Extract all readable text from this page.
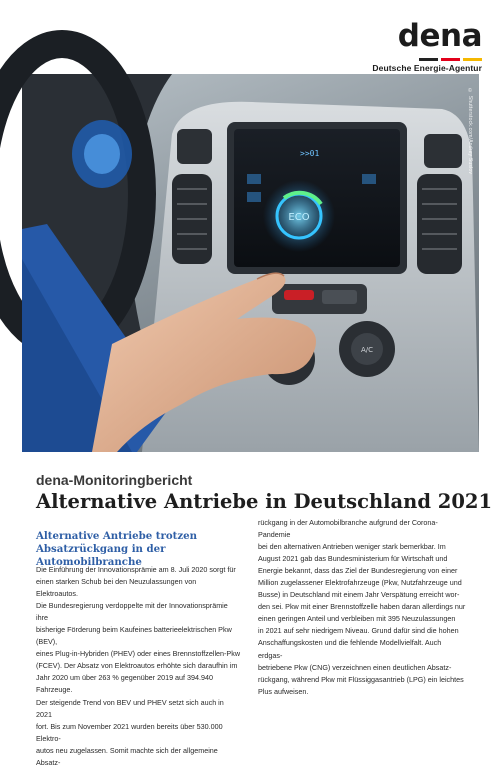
dena
Deutsche Energie-Agentur
ECO
>>01
A/C
© Shutterstock.com/Andrey Suslov
dena-Monitoringbericht
Alternative Antriebe in Deutschland 2021
Alternative Antriebe trotzen Absatzrückgang in der Automobilbranche

Die Einführung der Innovationsprämie am 8. Juli 2020 sorgt für
einen starken Schub bei den Neuzulassungen von Elektroautos.
Die Bundesregierung verdoppelte mit der Innovationsprämie ihre
bisherige Förderung beim Kaufeines batterieelektrischen Pkw (BEV),
eines Plug-in-Hybriden (PHEV) oder eines Brennstoffzellen-Pkw
(FCEV). Der Absatz von Elektroautos erhöhte sich daraufhin im
Jahr 2020 um über 263 % gegenüber 2019 auf 394.940 Fahrzeuge.
Der steigende Trend von BEV und PHEV setzt sich auch in 2021
fort. Bis zum November 2021 wurden bereits über 530.000 Elektro-
autos neu zugelassen. Somit machte sich der allgemeine Absatz-

rückgang in der Automobilbranche aufgrund der Corona-Pandemie
bei den alternativen Antrieben weniger stark bemerkbar. Im
August 2021 gab das Bundesministerium für Wirtschaft und
Energie bekannt, dass das Ziel der Bundesregierung von einer
Million zugelassener Elektrofahrzeuge (Pkw, Nutzfahrzeuge und
Busse) in Deutschland mit einem Jahr Verspätung erreicht wor-
den sei. Pkw mit einer Brennstoffzelle haben daran allerdings nur
einen geringen Anteil und verbleiben mit 395 Neuzulassungen
in 2021 auf sehr niedrigem Niveau. Grund dafür sind die hohen
Anschaffungskosten und die fehlende Modellvielfalt. Auch erdgas-
betriebene Pkw (CNG) verzeichnen einen deutlichen Absatz-
rückgang, während Pkw mit Flüssiggasantrieb (LPG) ein leichtes
Plus aufweisen.
